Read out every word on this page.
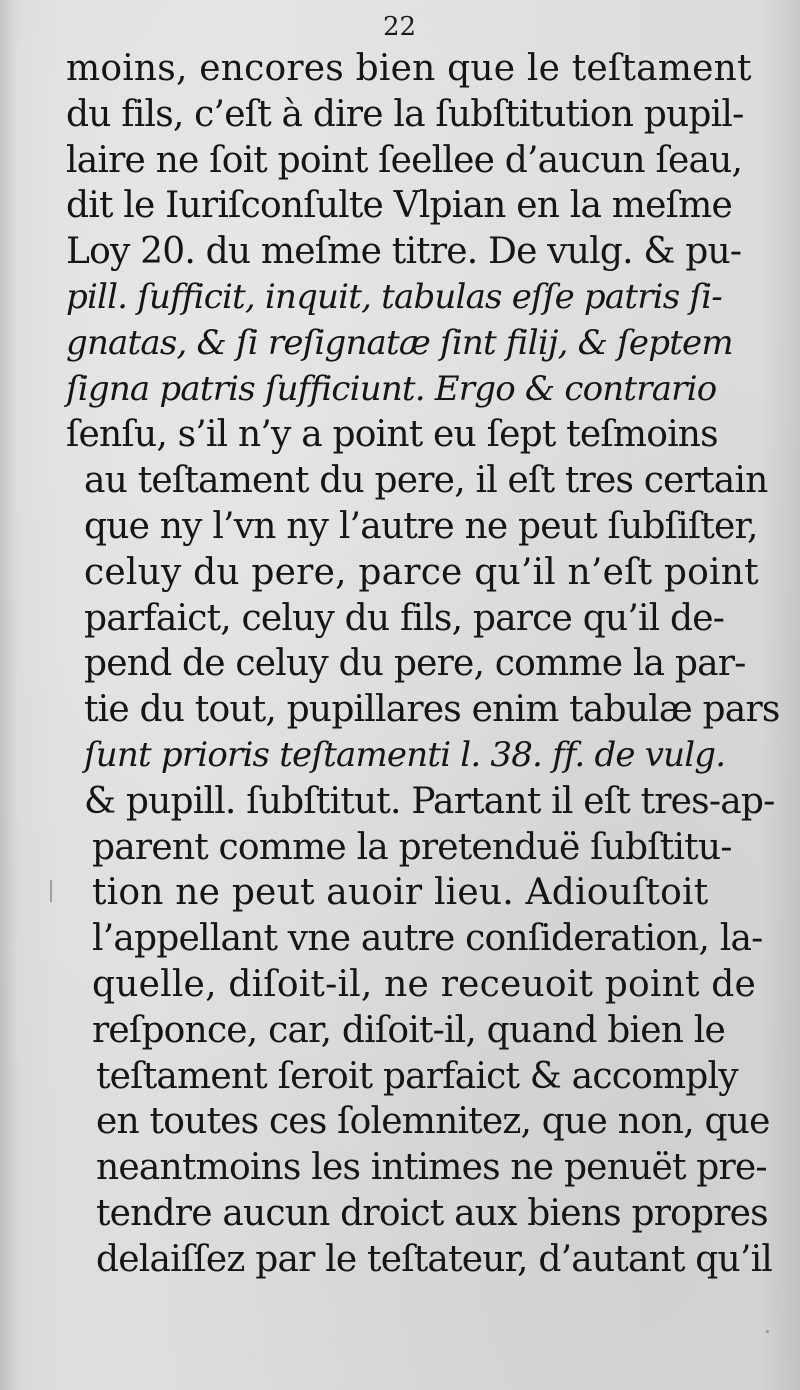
22
moins, encores bien que le teſtament
du fils, c’eſt à dire la ſubſtitution pupil-
laire ne ſoit point ſeellee d’aucun ſeau,
dit le Iuriſconſulte Vlpian en la meſme
Loy 20. du meſme titre. De vulg. & pu-
pill. ſufficit, inquit, tabulas eſſe patris ſi-
gnatas, & ſi reſignatæ ſint filij, & ſeptem
ſigna patris ſufficiunt. Ergo & contrario
ſenſu, s’il n’y a point eu ſept teſmoins
au teſtament du pere, il eſt tres certain
que ny l’vn ny l’autre ne peut ſubſiſter,
celuy du pere, parce qu’il n’eſt point
parfaict, celuy du fils, parce qu’il de-
pend de celuy du pere, comme la par-
tie du tout, pupillares enim tabulæ pars
ſunt prioris teſtamenti l. 38. ff. de vulg.
& pupill. ſubſtitut. Partant il eſt tres-ap-
parent comme la pretenduë ſubſtitu-
tion ne peut auoir lieu. Adiouſtoit
l’appellant vne autre conſideration, la-
quelle, diſoit-il, ne receuoit point de
reſponce, car, diſoit-il, quand bien le
teſtament ſeroit parfaict & accomply
en toutes ces ſolemnitez, que non, que
neantmoins les intimes ne penuët pre-
tendre aucun droict aux biens propres
delaiſſez par le teſtateur, d’autant qu’il
